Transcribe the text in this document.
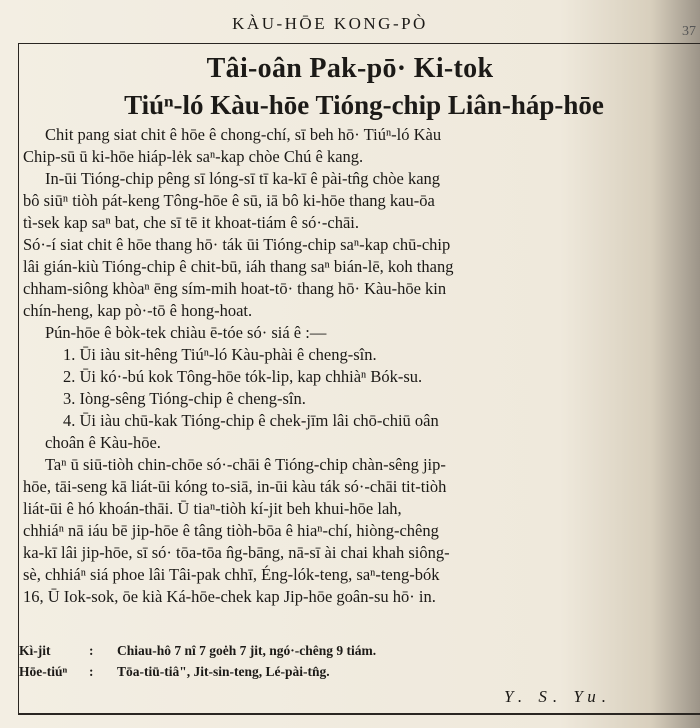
KÀU-HŌE KONG-PÒ	37
Tâi-oân Pak-pō· Ki-tok
Tiúⁿ-ló Kàu-hōe Tióng-chip Liân-háp-hōe
Chit pang siat chit ê hōe ê chong-chí, sī beh hō· Tiúⁿ-ló Kàu
Chip-sū ū ki-hōe hiáp-lėk saⁿ-kap chòe Chú ê kang.
In-ūi Tióng-chip pêng sī lóng-sī tī ka-kī ê pài-tn̂g chòe kang
bô siūⁿ tiòh pát-keng Tông-hōe ê sū, iā bô ki-hōe thang kau-ōa
tì-sek kap saⁿ bat, che sī tē it khoat-tiám ê só·-chāi.
Só·-í siat chit ê hōe thang hō· ták ūi Tióng-chip saⁿ-kap chū-chip
lâi gián-kiù Tióng-chip ê chit-bū, iáh thang saⁿ bián-lē, koh thang
chham-siông khòaⁿ ēng sím-mih hoat-tō· thang hō· Kàu-hōe kin
chín-heng, kap pò·-tō ê hong-hoat.
Pún-hōe ê bòk-tek chiàu ē-tóe só· siá ê :—
1. Ūi iàu sit-hêng Tiúⁿ-ló Kàu-phài ê cheng-sîn.
2. Ūi kó·-bú kok Tông-hōe tók-lip, kap chhiàⁿ Bók-su.
3. Iòng-sêng Tióng-chip ê cheng-sîn.
4. Ūi iàu chū-kak Tióng-chip ê chek-jīm lâi chō-chiū oân
choân ê Kàu-hōe.
Taⁿ ū siū-tiòh chin-chōe só·-chāi ê Tióng-chip chàn-sêng jip-
hōe, tāi-seng kā liát-ūi kóng to-siā, in-ūi kàu ták só·-chāi tit-tiòh
liát-ūi ê hó khoán-thāi. Ū tiaⁿ-tiòh kí-jit beh khui-hōe lah,
chhiáⁿ nā iáu bē jip-hōe ê tâng tiòh-bōa ê hiaⁿ-chí, hiòng-chêng
ka-kī lâi jip-hōe, sī só· tōa-tōa n̂g-bāng, nā-sī ài chai khah siông-
sè, chhiáⁿ siá phoe lâi Tâi-pak chhī, Éng-lók-teng, saⁿ-teng-bók
16, Ū Iok-sok, ōe kià Ká-hōe-chek kap Jip-hōe goân-su hō· in.
Kì-jit	: Chiau-hô 7 nî 7 goėh 7 jit, ngó·-chêng 9 tiám.
Hōe-tiúⁿ : Tōa-tiū-tiâ", Jit-sin-teng, Lé-pài-tn̂g.
Y. S. Yu.
